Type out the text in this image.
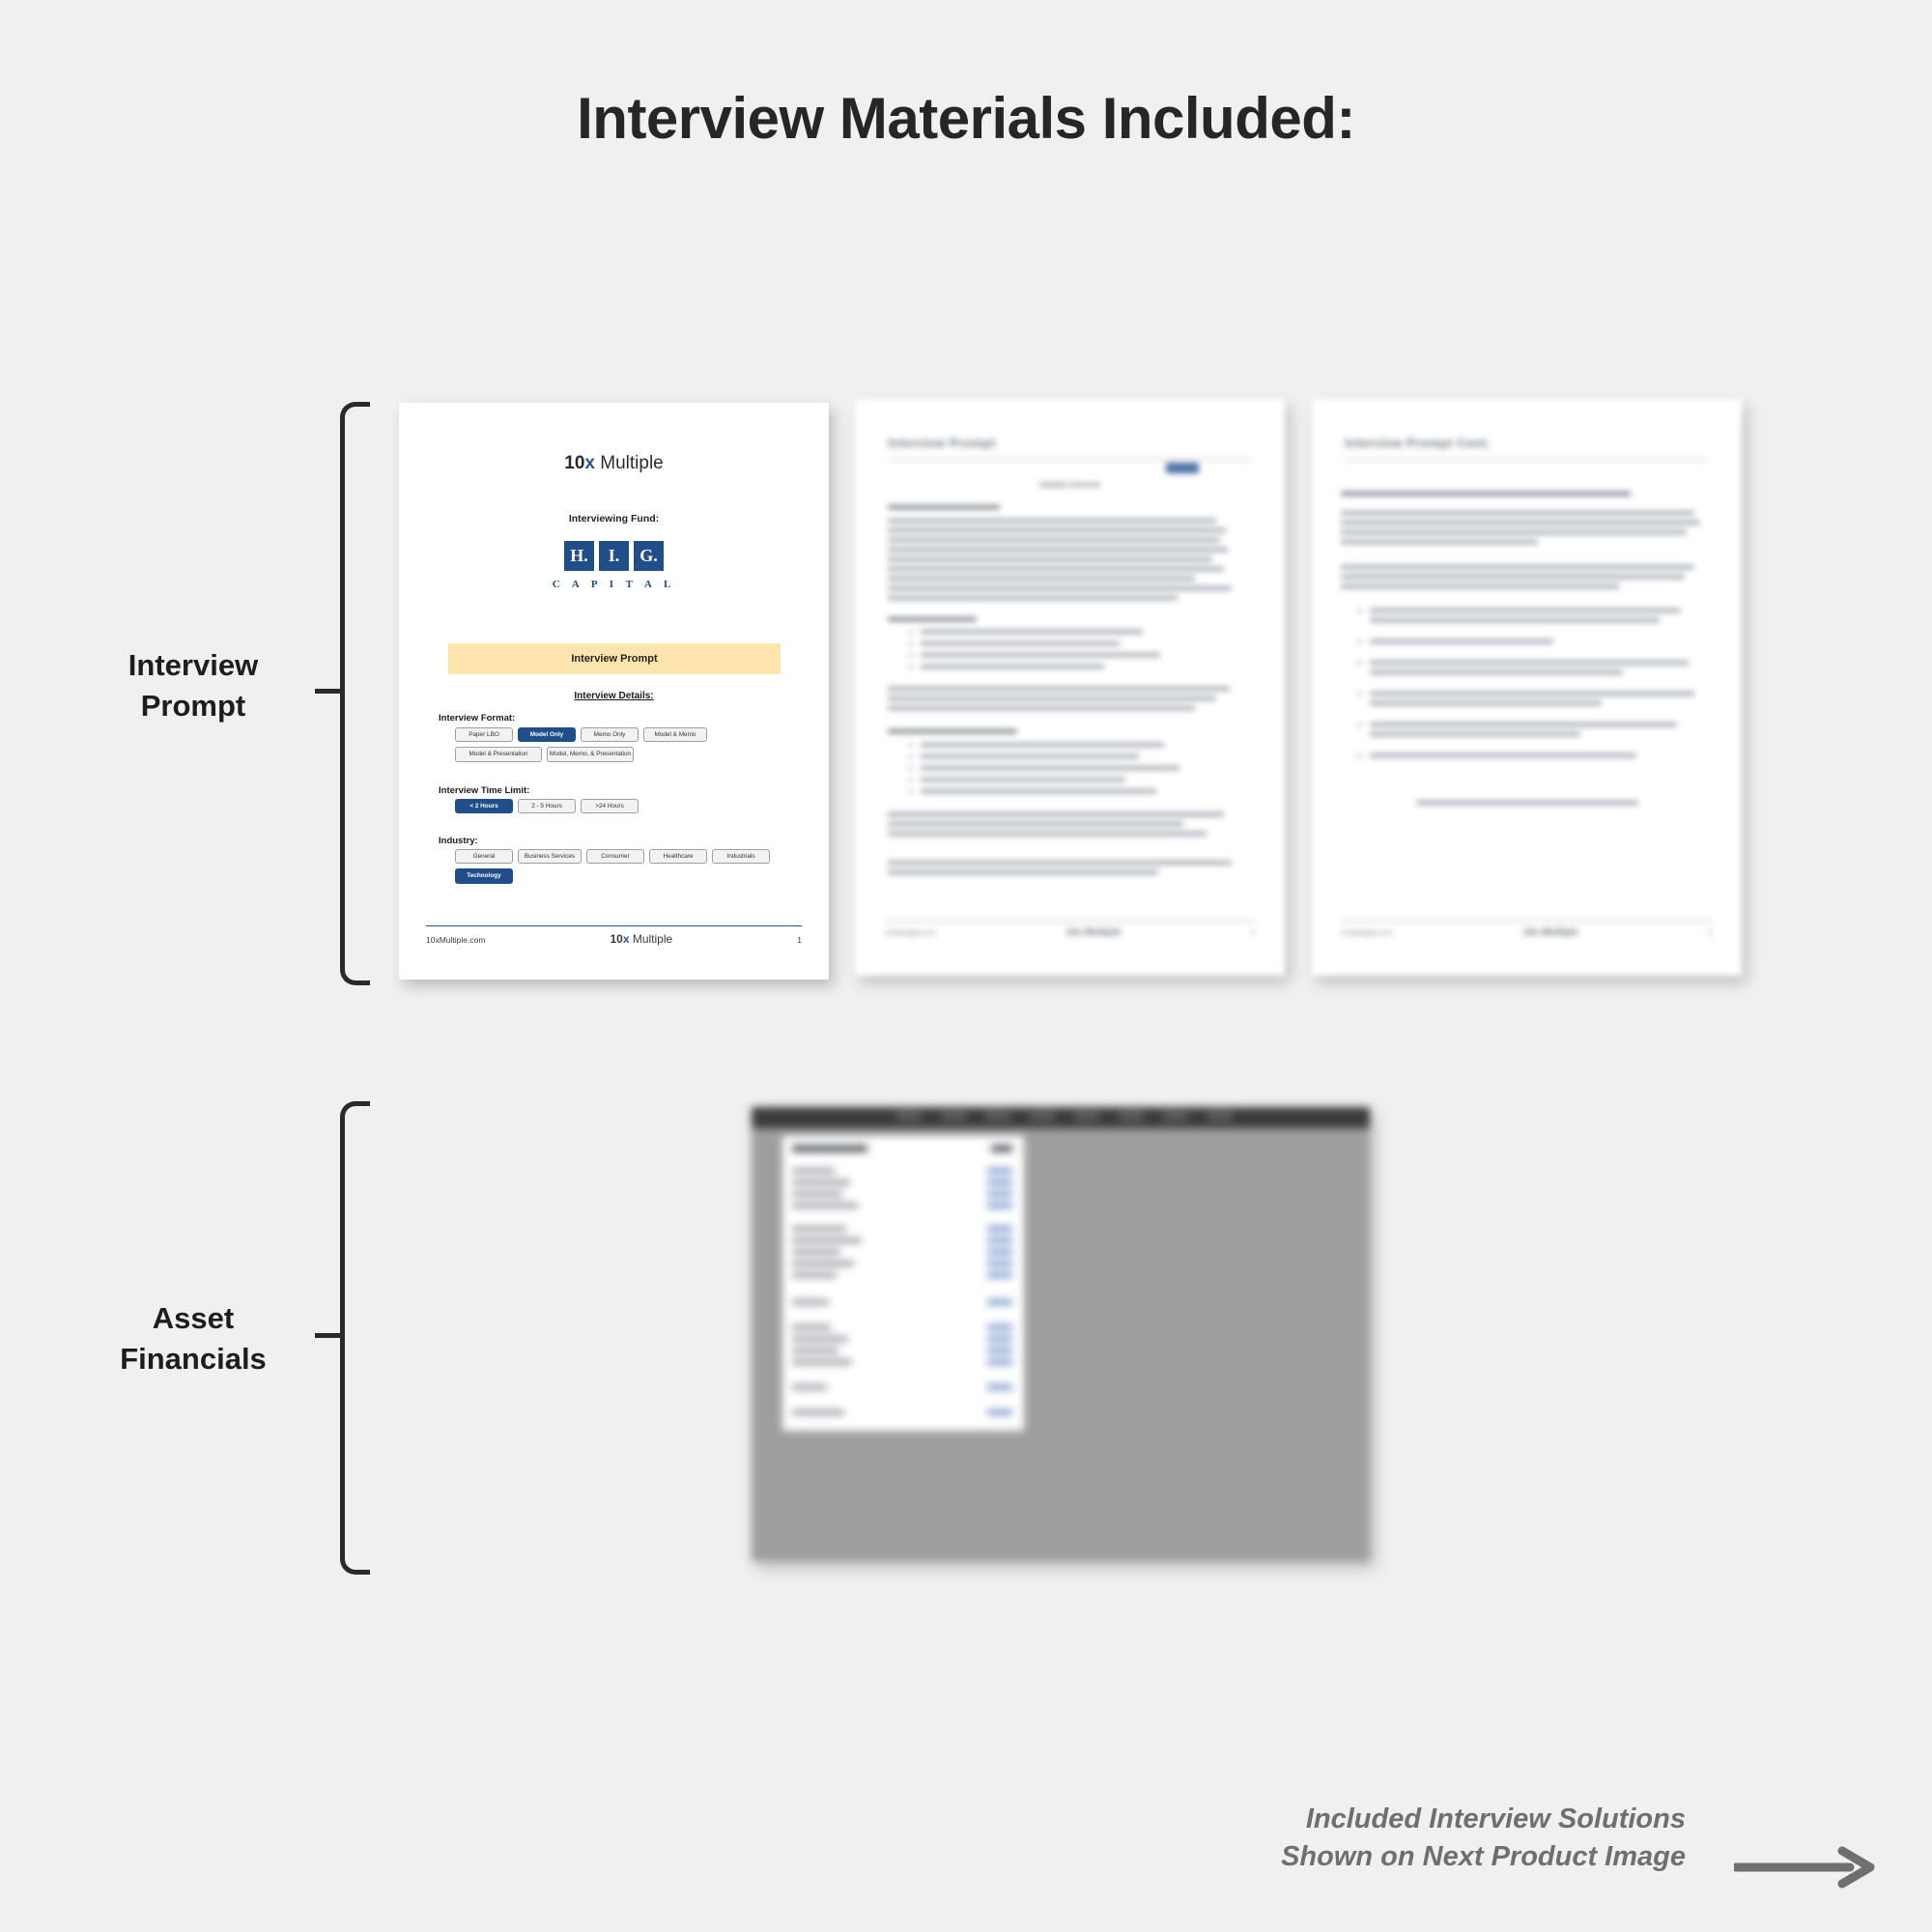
Interview Materials Included:
Interview
Prompt
10x Multiple
Interviewing Fund:
H.	I.	G.
C A P I T A L
Interview Prompt
Interview Details:
Interview Format:
Paper LBO	Model Only	Memo Only	Model & Memo
Model & Presentation	Model, Memo, & Presentation
Interview Time Limit:
< 2 Hours	2 - 5 Hours	>24 Hours
Industry:
General	Business Services	Consumer	Healthcare	Industrials
Technology
10xMultiple.com	10x Multiple	1
Interview Prompt
Situation Overview
10xMultiple.com	10x Multiple	2
Interview Prompt Cont.

10xMultiple.com	10x Multiple	3
Asset
Financials
Included Interview Solutions
Shown on Next Product Image
